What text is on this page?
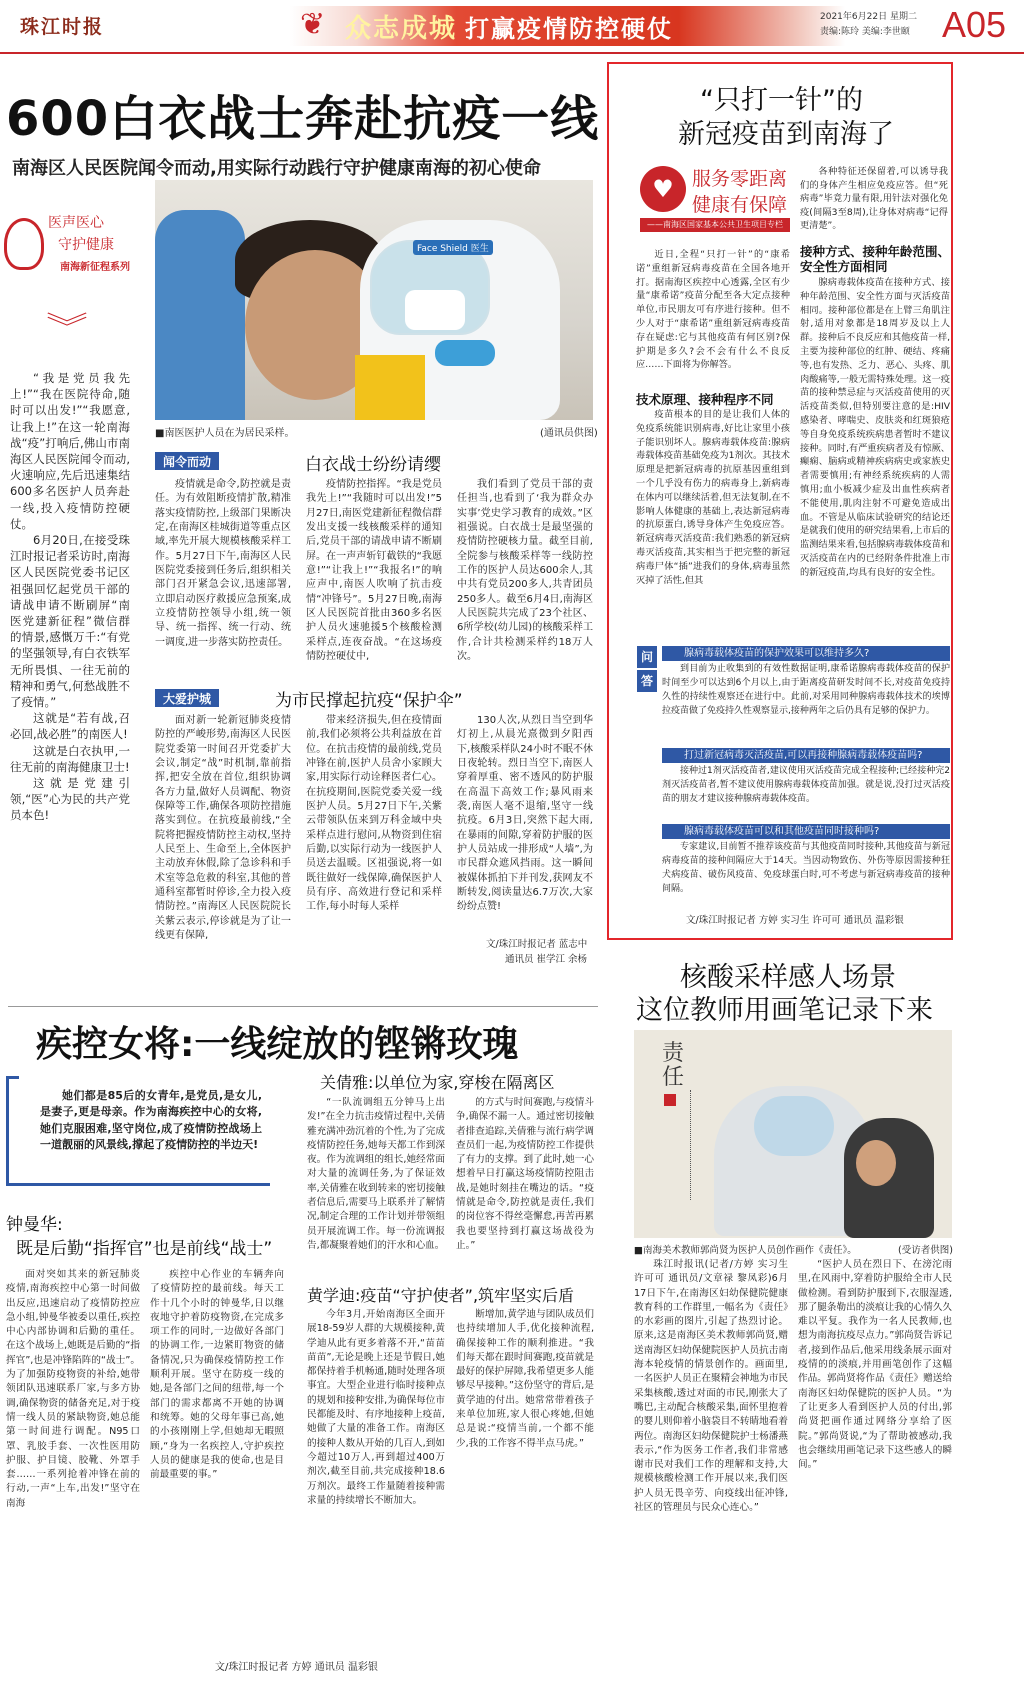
珠江时报	❦ 众志成城 打赢疫情防控硬仗	2021年6月22日 星期二
责编:陈玲 美编:李世颐 A05
600白衣战士奔赴抗疫一线
南海区人民医院闻令而动,用实际行动践行守护健康南海的初心使命
医声医心
守护健康
南海新征程系列
︾

“我是党员我先上!”“我在医院待命,随时可以出发!”“我愿意,让我上!”在这一轮南海战“疫”打响后,佛山市南海区人民医院闻令而动,火速响应,先后迅速集结600多名医护人员奔赴一线,投入疫情防控硬仗。

6月20日,在接受珠江时报记者采访时,南海区人民医院党委书记区祖强回忆起党员干部的请战申请不断刷屏“南医党建新征程”微信群的情景,感慨万千:“有党的坚强领导,有白衣铁军无所畏惧、一往无前的精神和勇气,何愁战胜不了疫情。”

这就是“若有战,召必回,战必胜”的南医人!

这就是白衣执甲,一往无前的南海健康卫士!

这就是党建引领,“医”心为民的共产党员本色!

Face Shield 医生
■南医医护人员在为居民采样。	(通讯员供图)
闻令而动	白衣战士纷纷请缨

疫情就是命令,防控就是责任。为有效阻断疫情扩散,精准落实疫情防控,上级部门果断决定,在南海区桂城街道等重点区域,率先开展大规模核酸采样工作。5月27日下午,南海区人民医院党委接到任务后,组织相关部门召开紧急会议,迅速部署,立即启动医疗救援应急预案,成立疫情防控领导小组,统一领导、统一指挥、统一行动、统一调度,进一步落实防控责任。

疫情防控指挥。“我是党员我先上!”“我随时可以出发!”5月27日,南医党建新征程微信群发出支援一线核酸采样的通知后,党员干部的请战申请不断刷屏。在一声声斩钉截铁的“我愿意!”“让我上!”“我报名!”的响应声中,南医人吹响了抗击疫情“冲锋号”。5月27日晚,南海区人民医院首批由360多名医护人员火速驰援5个核酸检测采样点,连夜奋战。“在这场疫情防控硬仗中,

我们看到了党员干部的责任担当,也看到了‘我为群众办实事’党史学习教育的成效。”区祖强说。白衣战士是最坚强的疫情防控硬核力量。截至目前,全院参与核酸采样等一线防控工作的医护人员达600余人,其中共有党员200多人,共青团员250多人。截至6月4日,南海区人民医院共完成了23个社区、6所学校(幼儿园)的核酸采样工作,合计共检测采样约18万人次。

大爱护城	为市民撑起抗疫“保护伞”

面对新一轮新冠肺炎疫情防控的严峻形势,南海区人民医院党委第一时间召开党委扩大会议,制定“战”时机制,靠前指挥,把安全放在首位,组织协调各方力量,做好人员调配、物资保障等工作,确保各项防控措施落实到位。在抗疫最前线,“全院将把握疫情防控主动权,坚持人民至上、生命至上,全体医护主动放弃休假,除了急诊科和手术室等急危救的科室,其他的普通科室都暂时停诊,全力投入疫情防控。”南海区人民医院院长关紫云表示,停诊就是为了让一线更有保障,

带来经济损失,但在疫情面前,我们必须将公共利益放在首位。在抗击疫情的最前线,党员冲锋在前,医护人员舍小家顾大家,用实际行动诠释医者仁心。在抗疫期间,医院党委关爱一线医护人员。5月27日下午,关紫云带领队伍来到万科金域中央采样点进行慰问,从物资到住宿后勤,以实际行动为一线医护人员送去温暖。区祖强说,将一如既往做好一线保障,确保医护人员有序、高效进行登记和采样工作,每小时每人采样

130人次,从烈日当空到华灯初上,从晨光熹微到夕阳西下,核酸采样队24小时不眠不休日夜轮转。烈日当空下,南医人穿着厚重、密不透风的防护服在高温下高效工作;暴风雨来袭,南医人毫不退缩,坚守一线抗疫。6月3日,突然下起大雨,在暴雨的间隙,穿着防护服的医护人员站成一排形成“人墙”,为市民群众遮风挡雨。这一瞬间被媒体抓拍下并刊发,获网友不断转发,阅读量达6.7万次,大家纷纷点赞!

文/珠江时报记者 蓝志中
通讯员 崔学江 余杨
“只打一针”的
新冠疫苗到南海了
♥ 服务零距离
健康有保障
——南海区国家基本公共卫生项目专栏

各种特征还保留着,可以诱导我们的身体产生相应免疫应答。但“死病毒”毕竟力量有限,用针法对强化免疫(间隔3至8周),让身体对病毒“记得更清楚”。

近日,全程“只打一针”的“康希诺”重组新冠病毒疫苗在全国各地开打。据南海区疾控中心透露,全区有少量“康希诺”疫苗分配至各大定点接种单位,市民朋友可有序进行接种。但不少人对于“康希诺”重组新冠病毒疫苗存在疑虑:它与其他疫苗有何区别?保护期是多久?会不会有什么不良反应……下面将为你解答。

技术原理、接种程序不同

疫苗根本的目的是让我们人体的免疫系统能识别病毒,好比让家里小孩子能识别坏人。腺病毒载体疫苗:腺病毒载体疫苗基础免疫为1剂次。其技术原理是把新冠病毒的抗原基因重组到一个几乎没有伤力的病毒身上,新病毒在体内可以继续活着,但无法复制,在不影响人体健康的基础上,表达新冠病毒的抗原蛋白,诱导身体产生免疫应答。新冠病毒灭活疫苗:我们熟悉的新冠病毒灭活疫苗,其实相当于把完整的新冠病毒尸体“插”进我们的身体,病毒虽然灭掉了活性,但其

接种方式、接种年龄范围、安全性方面相同

腺病毒载体疫苗在接种方式、接种年龄范围、安全性方面与灭活疫苗相同。接种部位都是在上臂三角肌注射,适用对象都是18周岁及以上人群。接种后不良反应和其他疫苗一样,主要为接种部位的红肿、硬结、疼痛等,也有发热、乏力、恶心、头疼、肌肉酸痛等,一般无需特殊处理。这一疫苗的接种禁忌症与灭活疫苗使用的灭活疫苗类似,但特别要注意的是:HIV感染者、哮喘史、皮肤炎和红斑狼疮等自身免疫系统疾病患者暂时不建议接种。同时,有严重疾病者及有惊厥、癫痫、脑病或精神疾病病史或家族史者需要慎用;有神经系统疾病的人需慎用;血小板减少症及出血性疾病者不能使用,肌肉注射不可避免造成出血。不管是从临床试验研究的结论还是就我们使用的研究结果看,上市后的监测结果来看,包括腺病毒载体疫苗和灭活疫苗在内的已经附条件批准上市的新冠疫苗,均具有良好的安全性。

问
答
腺病毒载体疫苗的保护效果可以维持多久?

到目前为止收集到的有效性数据证明,康希诺腺病毒载体疫苗的保护时间至少可以达到6个月以上,由于距离疫苗研发时间不长,对疫苗免疫持久性的持续性观察还在进行中。此前,对采用同种腺病毒载体技术的埃博拉疫苗做了免疫持久性观察显示,接种两年之后仍具有足够的保护力。

打过新冠病毒灭活疫苗,可以再接种腺病毒载体疫苗吗?

接种过1剂灭活疫苗者,建议使用灭活疫苗完成全程接种;已经接种完2剂灭活疫苗者,暂不建议使用腺病毒载体疫苗加强。就是说,没打过灭活疫苗的朋友才建议接种腺病毒载体疫苗。

腺病毒载体疫苗可以和其他疫苗同时接种吗?

专家建议,目前暂不推荐该疫苗与其他疫苗同时接种,其他疫苗与新冠病毒疫苗的接种间隔应大于14天。当因动物致伤、外伤等原因需接种狂犬病疫苗、破伤风疫苗、免疫球蛋白时,可不考虑与新冠病毒疫苗的接种间隔。

文/珠江时报记者 方婷 实习生 许可可 通讯员 温彩银
核酸采样感人场景
这位教师用画笔记录下来
责任
■南海美术教师郭尚贤为医护人员创作画作《责任》。	(受访者供图)

珠江时报讯(记者/方婷 实习生 许可可 通讯员/文章禄 黎凤彩)6月17日下午,在南海区妇幼保健院健康教育科的工作群里,一幅名为《责任》的水彩画的图片,引起了热烈讨论。原来,这是南海区美术教师郭尚贤,赠送南海区妇幼保健院医护人员抗击南海本轮疫情的情景创作的。画面里,一名医护人员正在聚精会神地为市民采集核酸,透过对面的市民,刚张大了嘴巴,主动配合核酸采集,面怀里抱着的婴儿则仰着小脑袋目不转睛地看着两位。南海区妇幼保健院护士杨潘燕表示,“作为医务工作者,我们非常感谢市民对我们工作的理解和支持,大规模核酸检测工作开展以来,我们医护人员无畏辛劳、向疫线出征冲锋,社区的管理员与民众心连心。”

“医护人员在烈日下、在滂沱雨里,在风雨中,穿着防护服给全市人民做检测。看到防护服到下,衣服湿透,那了腿条勒出的淡痕让我的心情久久难以平复。我作为一名人民教师,也想为南海抗疫尽点力。”郭尚贤告诉记者,接到作品后,他采用线条展示面对疫情的的淡痕,并用画笔创作了这幅作品。郭尚贤将作品《责任》赠送给南海区妇幼保健院的医护人员。“为了让更多人看到医护人员的付出,郭尚贤把画作通过网络分享给了医院。”郭尚贤说,“为了帮助被感动,我也会继续用画笔记录下这些感人的瞬间。”

疾控女将:一线绽放的铿锵玫瑰

她们都是85后的女青年,是党员,是女儿,是妻子,更是母亲。作为南海疾控中心的女将,她们克服困难,坚守岗位,成了疫情防控战场上一道靓丽的风景线,撑起了疫情防控的半边天!

钟曼华:
既是后勤“指挥官”也是前线“战士”

面对突如其来的新冠肺炎疫情,南海疾控中心第一时间做出反应,迅速启动了疫情防控应急小组,钟曼华被委以重任,疾控中心内部协调和后勤的重任。在这个战场上,她既是后勤的“指挥官”,也是冲锋陷阵的“战士”。为了加强防疫物资的补给,她带领团队迅速联系厂家,与多方协调,确保物资的储备充足,对于疫情一线人员的紧缺物资,她总能第一时间进行调配。N95口罩、乳胶手套、一次性医用防护服、护目镜、胶靴、外罩手套……一系列抢着冲锋在前的行动,一声“上车,出发!”坚守在南海

疾控中心作业的车辆奔向了疫情防控的最前线。每天工作十几个小时的钟曼华,日以继夜地守护着防疫物资,在完成多项工作的同时,一边做好各部门的协调工作,一边紧盯物资的储备情况,只为确保疫情防控工作顺利开展。坚守在防疫一线的她,是各部门之间的纽带,每一个部门的需求都离不开她的协调和统筹。她的父母年事已高,她的小孩刚刚上学,但她却无暇照顾,“身为一名疾控人,守护疾控人员的健康是我的使命,也是目前最重要的事。”

关倩雅:以单位为家,穿梭在隔离区

“一队流调组五分钟马上出发!”在全力抗击疫情过程中,关倩雅充满冲劲沉着的个性,为了完成疫情防控任务,她每天都工作到深夜。作为流调组的组长,她经常面对大量的流调任务,为了保证效率,关倩雅在收到转来的密切接触者信息后,需要马上联系并了解情况,制定合理的工作计划并带领组员开展流调工作。每一份流调报告,都凝聚着她们的汗水和心血。

的方式与时间赛跑,与疫情斗争,确保不漏一人。通过密切接触者排查追踪,关倩雅与流行病学调查员们一起,为疫情防控工作提供了有力的支撑。到了此时,她一心想着早日打赢这场疫情防控阻击战,是她时刻挂在嘴边的话。“疫情就是命令,防控就是责任,我们的岗位容不得丝毫懈怠,再苦再累我也要坚持到打赢这场战役为止。”

黄学迪:疫苗“守护使者”,筑牢坚实后盾

今年3月,开始南海区全面开展18-59岁人群的大规模接种,黄学迪从此有更多着落不开,“苗苗苗苗”,无论是晚上还是节假日,她都保持着手机畅通,随时处理各项事宜。大型企业进行临时接种点的规划和接种安排,为确保每位市民都能及时、有序地接种上疫苗,她做了大量的准备工作。南海区的接种人数从开始的几百人,到如今超过10万人,再到超过400万剂次,截至目前,共完成接种18.6万剂次。最终工作量随着接种需求量的持续增长不断加大。

断增加,黄学迪与团队成员们也持续增加人手,优化接种流程,确保接种工作的顺利推进。“我们每天都在跟时间赛跑,疫苗就是最好的保护屏障,我希望更多人能够尽早接种。”这份坚守的背后,是黄学迪的付出。她常常带着孩子来单位加班,家人很心疼她,但她总是说:“疫情当前,一个都不能少,我的工作容不得半点马虎。”

文/珠江时报记者 方婷 通讯员 温彩银
